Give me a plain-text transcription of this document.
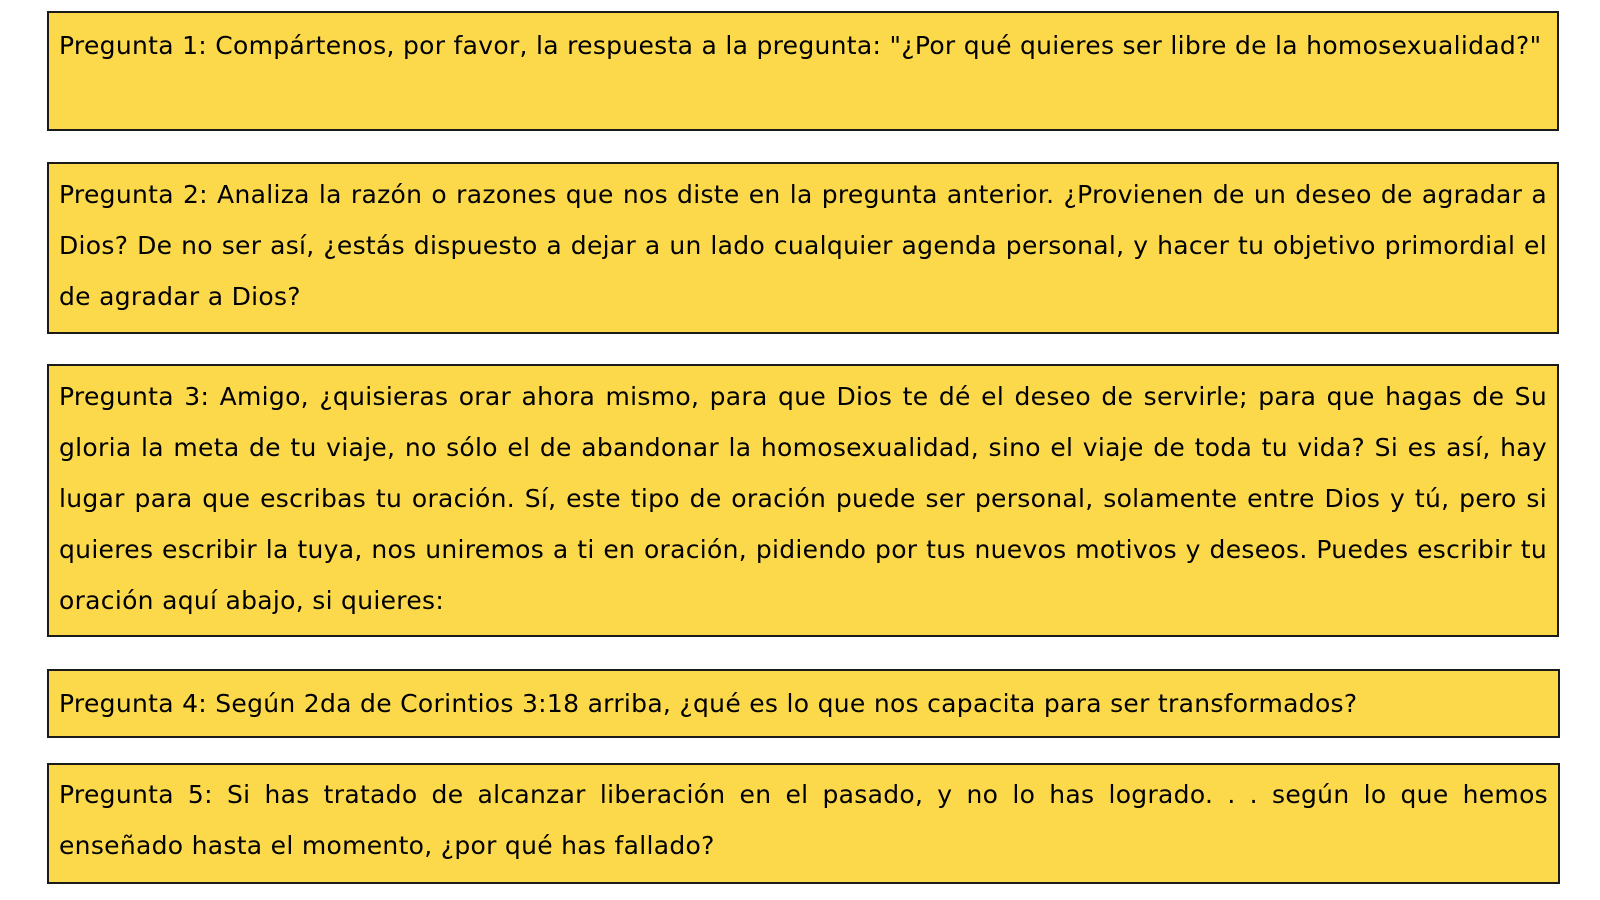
Pregunta 1: Compártenos, por favor, la respuesta a la pregunta: "¿Por qué quieres ser libre de la homosexualidad?"
Pregunta 2: Analiza la razón o razones que nos diste en la pregunta anterior. ¿Provienen de un deseo de agradar a Dios? De no ser así, ¿estás dispuesto a dejar a un lado cualquier agenda personal, y hacer tu objetivo primordial el de agradar a Dios?
Pregunta 3: Amigo, ¿quisieras orar ahora mismo, para que Dios te dé el deseo de servirle; para que hagas de Su gloria la meta de tu viaje, no sólo el de abandonar la homosexualidad, sino el viaje de toda tu vida? Si es así, hay lugar para que escribas tu oración. Sí, este tipo de oración puede ser personal, solamente entre Dios y tú, pero si quieres escribir la tuya, nos uniremos a ti en oración, pidiendo por tus nuevos motivos y deseos. Puedes escribir tu oración aquí abajo, si quieres:
Pregunta 4: Según 2da de Corintios 3:18 arriba, ¿qué es lo que nos capacita para ser transformados?
Pregunta 5: Si has tratado de alcanzar liberación en el pasado, y no lo has logrado. . . según lo que hemos enseñado hasta el momento, ¿por qué has fallado?
